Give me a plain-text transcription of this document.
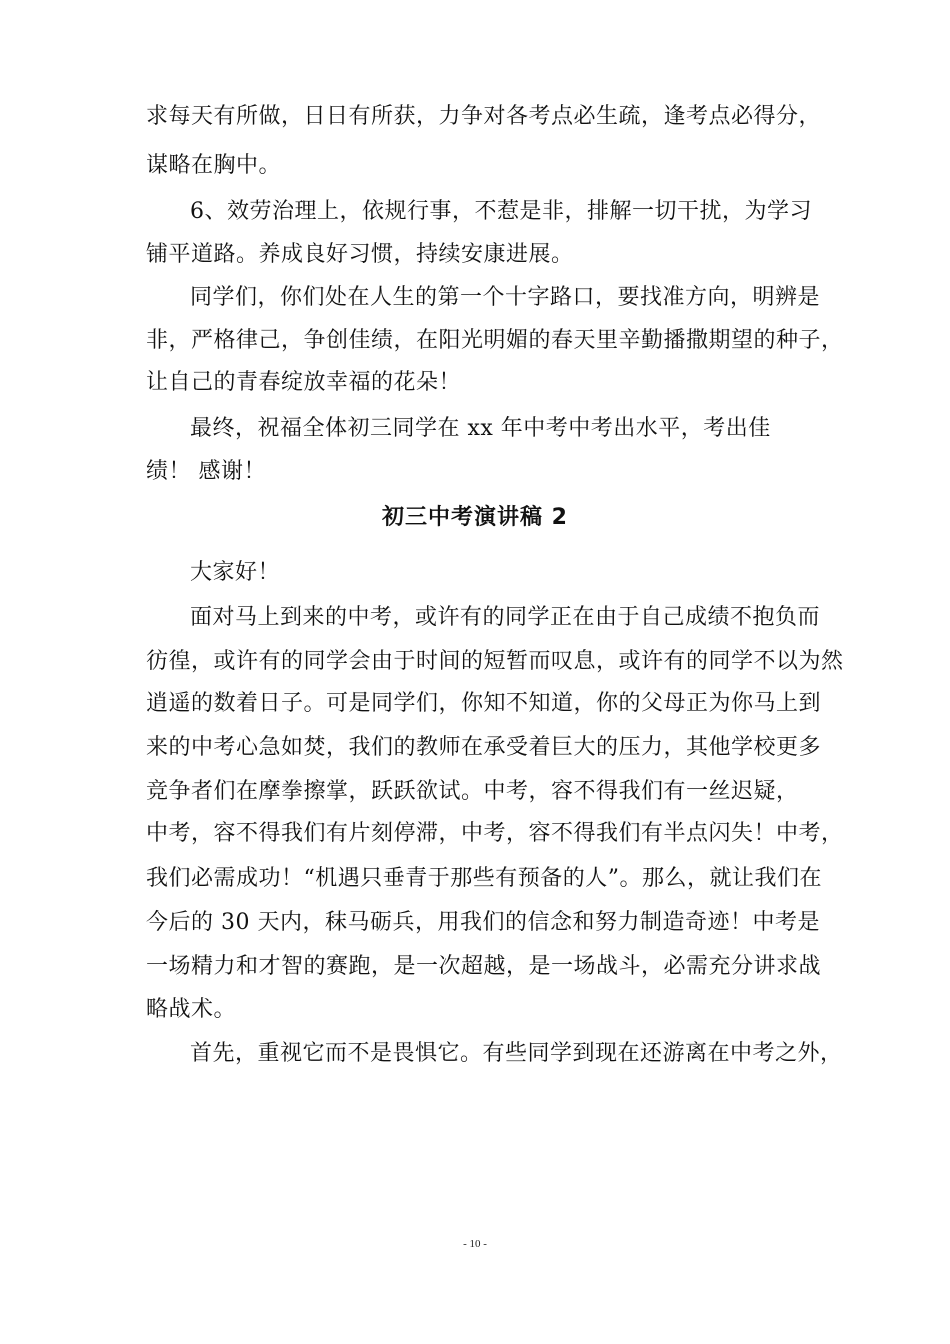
求每天有所做，日日有所获，力争对各考点必生疏，逢考点必得分，
谋略在胸中。
6、效劳治理上，依规行事，不惹是非，排解一切干扰，为学习
铺平道路。养成良好习惯，持续安康进展。
同学们，你们处在人生的第一个十字路口，要找准方向，明辨是
非，严格律己，争创佳绩，在阳光明媚的春天里辛勤播撒期望的种子，
让自己的青春绽放幸福的花朵！
最终，祝福全体初三同学在 xx 年中考中考出水平，考出佳
绩！ 感谢！
初三中考演讲稿 2
大家好！
面对马上到来的中考，或许有的同学正在由于自己成绩不抱负而
彷徨，或许有的同学会由于时间的短暂而叹息，或许有的同学不以为然
逍遥的数着日子。可是同学们，你知不知道，你的父母正为你马上到
来的中考心急如焚，我们的教师在承受着巨大的压力，其他学校更多
竞争者们在摩拳擦掌，跃跃欲试。中考，容不得我们有一丝迟疑，
中考，容不得我们有片刻停滞，中考，容不得我们有半点闪失！中考，
我们必需成功！“机遇只垂青于那些有预备的人”。那么，就让我们在
今后的 30 天内，秣马砺兵，用我们的信念和努力制造奇迹！中考是
一场精力和才智的赛跑，是一次超越，是一场战斗，必需充分讲求战
略战术。
首先，重视它而不是畏惧它。有些同学到现在还游离在中考之外，
- 10 -
